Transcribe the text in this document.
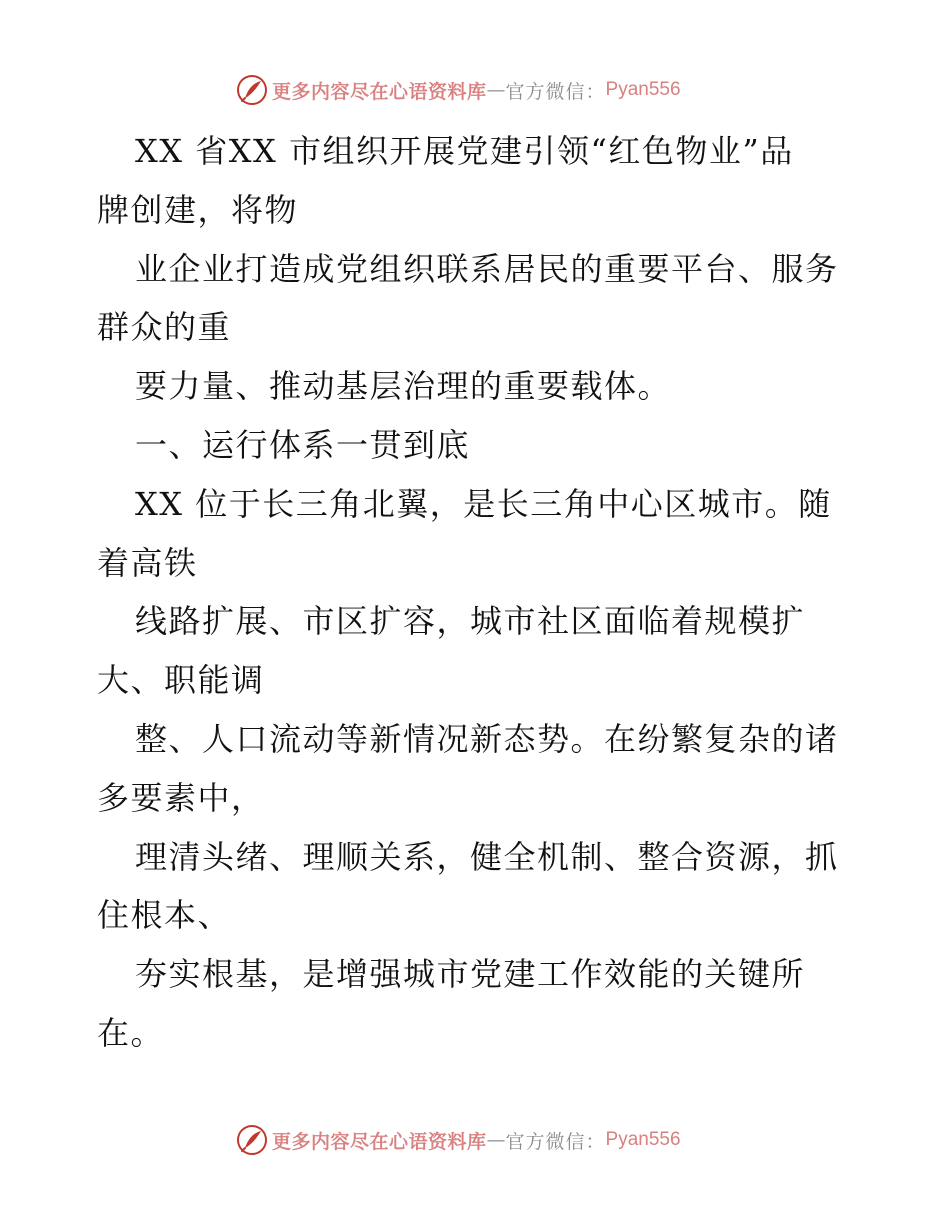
更多内容尽在心语资料库 — 官方微信： Pyan556
XX 省XX 市组织开展党建引领“红色物业”品
牌创建，将物
业企业打造成党组织联系居民的重要平台、服务
群众的重
要力量、推动基层治理的重要载体。
一、运行体系一贯到底
XX 位于长三角北翼，是长三角中心区城市。随
着高铁
线路扩展、市区扩容，城市社区面临着规模扩
大、职能调
整、人口流动等新情况新态势。在纷繁复杂的诸
多要素中，
理清头绪、理顺关系，健全机制、整合资源，抓
住根本、
夯实根基，是增强城市党建工作效能的关键所
在。
更多内容尽在心语资料库 — 官方微信： Pyan556
